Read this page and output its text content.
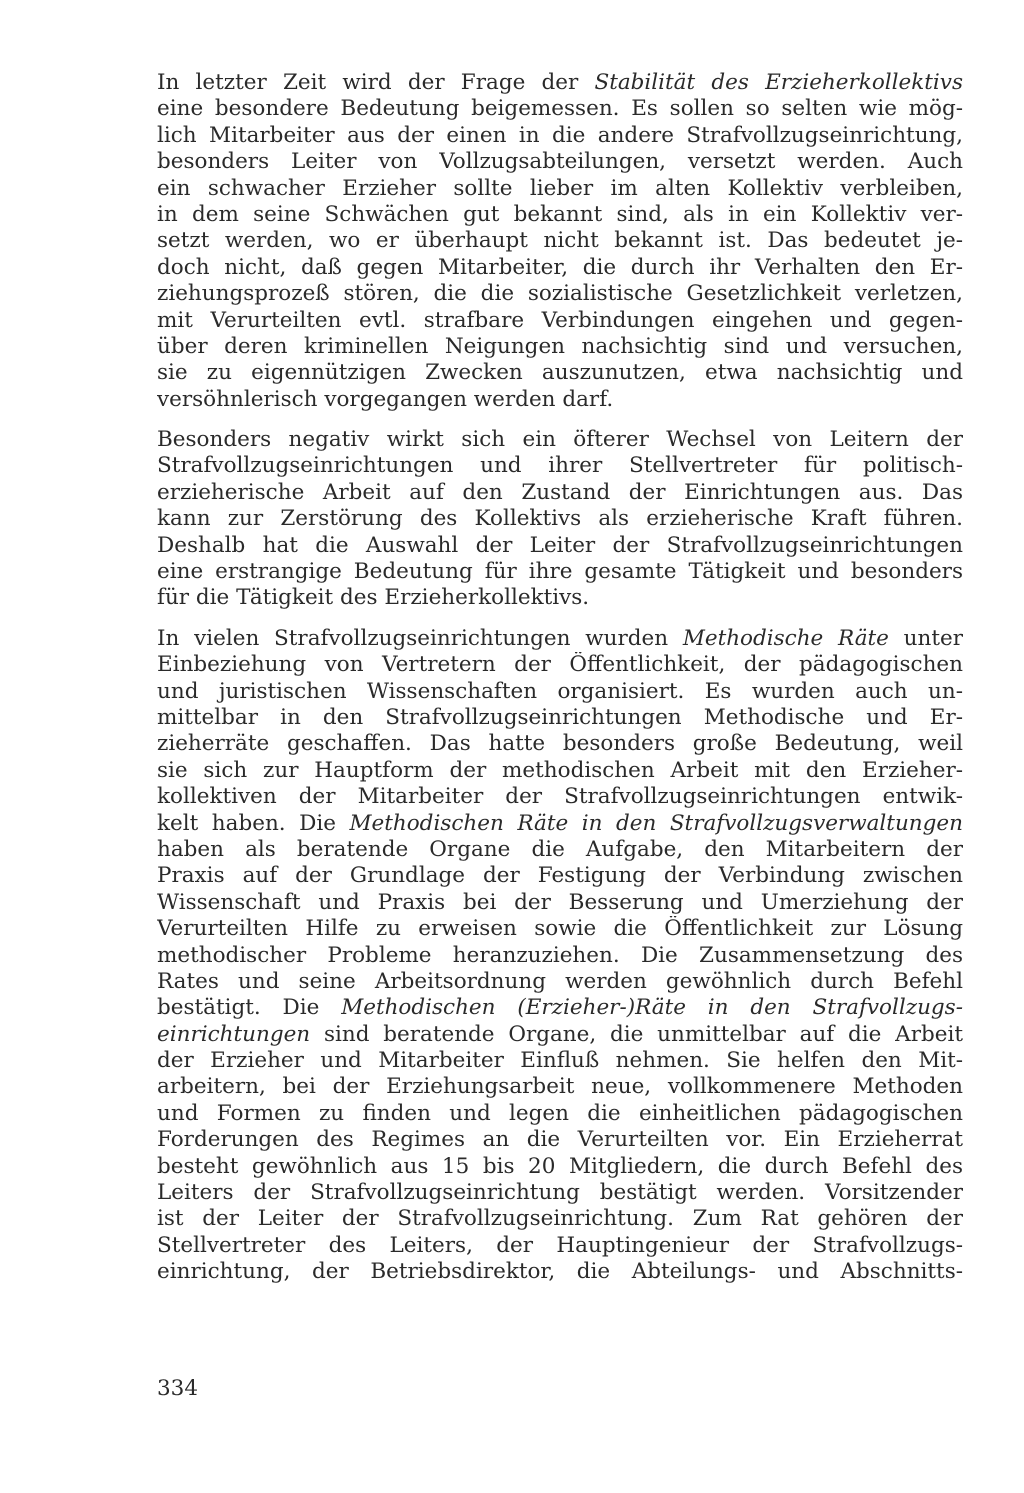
In letzter Zeit wird der Frage der Stabilität des Erzieherkollektivs
eine besondere Bedeutung beigemessen. Es sollen so selten wie mög-
lich Mitarbeiter aus der einen in die andere Strafvollzugseinrichtung,
besonders Leiter von Vollzugsabteilungen, versetzt werden. Auch
ein schwacher Erzieher sollte lieber im alten Kollektiv verbleiben,
in dem seine Schwächen gut bekannt sind, als in ein Kollektiv ver-
setzt werden, wo er überhaupt nicht bekannt ist. Das bedeutet je-
doch nicht, daß gegen Mitarbeiter, die durch ihr Verhalten den Er-
ziehungsprozeß stören, die die sozialistische Gesetzlichkeit verletzen,
mit Verurteilten evtl. strafbare Verbindungen eingehen und gegen-
über deren kriminellen Neigungen nachsichtig sind und versuchen,
sie zu eigennützigen Zwecken auszunutzen, etwa nachsichtig und
versöhnlerisch vorgegangen werden darf.
Besonders negativ wirkt sich ein öfterer Wechsel von Leitern der
Strafvollzugseinrichtungen und ihrer Stellvertreter für politisch-
erzieherische Arbeit auf den Zustand der Einrichtungen aus. Das
kann zur Zerstörung des Kollektivs als erzieherische Kraft führen.
Deshalb hat die Auswahl der Leiter der Strafvollzugseinrichtungen
eine erstrangige Bedeutung für ihre gesamte Tätigkeit und besonders
für die Tätigkeit des Erzieherkollektivs.
In vielen Strafvollzugseinrichtungen wurden Methodische Räte unter
Einbeziehung von Vertretern der Öffentlichkeit, der pädagogischen
und juristischen Wissenschaften organisiert. Es wurden auch un-
mittelbar in den Strafvollzugseinrichtungen Methodische und Er-
zieherräte geschaffen. Das hatte besonders große Bedeutung, weil
sie sich zur Hauptform der methodischen Arbeit mit den Erzieher-
kollektiven der Mitarbeiter der Strafvollzugseinrichtungen entwik-
kelt haben. Die Methodischen Räte in den Strafvollzugsverwaltungen
haben als beratende Organe die Aufgabe, den Mitarbeitern der
Praxis auf der Grundlage der Festigung der Verbindung zwischen
Wissenschaft und Praxis bei der Besserung und Umerziehung der
Verurteilten Hilfe zu erweisen sowie die Öffentlichkeit zur Lösung
methodischer Probleme heranzuziehen. Die Zusammensetzung des
Rates und seine Arbeitsordnung werden gewöhnlich durch Befehl
bestätigt. Die Methodischen (Erzieher-)Räte in den Strafvollzugs-
einrichtungen sind beratende Organe, die unmittelbar auf die Arbeit
der Erzieher und Mitarbeiter Einfluß nehmen. Sie helfen den Mit-
arbeitern, bei der Erziehungsarbeit neue, vollkommenere Methoden
und Formen zu finden und legen die einheitlichen pädagogischen
Forderungen des Regimes an die Verurteilten vor. Ein Erzieherrat
besteht gewöhnlich aus 15 bis 20 Mitgliedern, die durch Befehl des
Leiters der Strafvollzugseinrichtung bestätigt werden. Vorsitzender
ist der Leiter der Strafvollzugseinrichtung. Zum Rat gehören der
Stellvertreter des Leiters, der Hauptingenieur der Strafvollzugs-
einrichtung, der Betriebsdirektor, die Abteilungs- und Abschnitts-
334
